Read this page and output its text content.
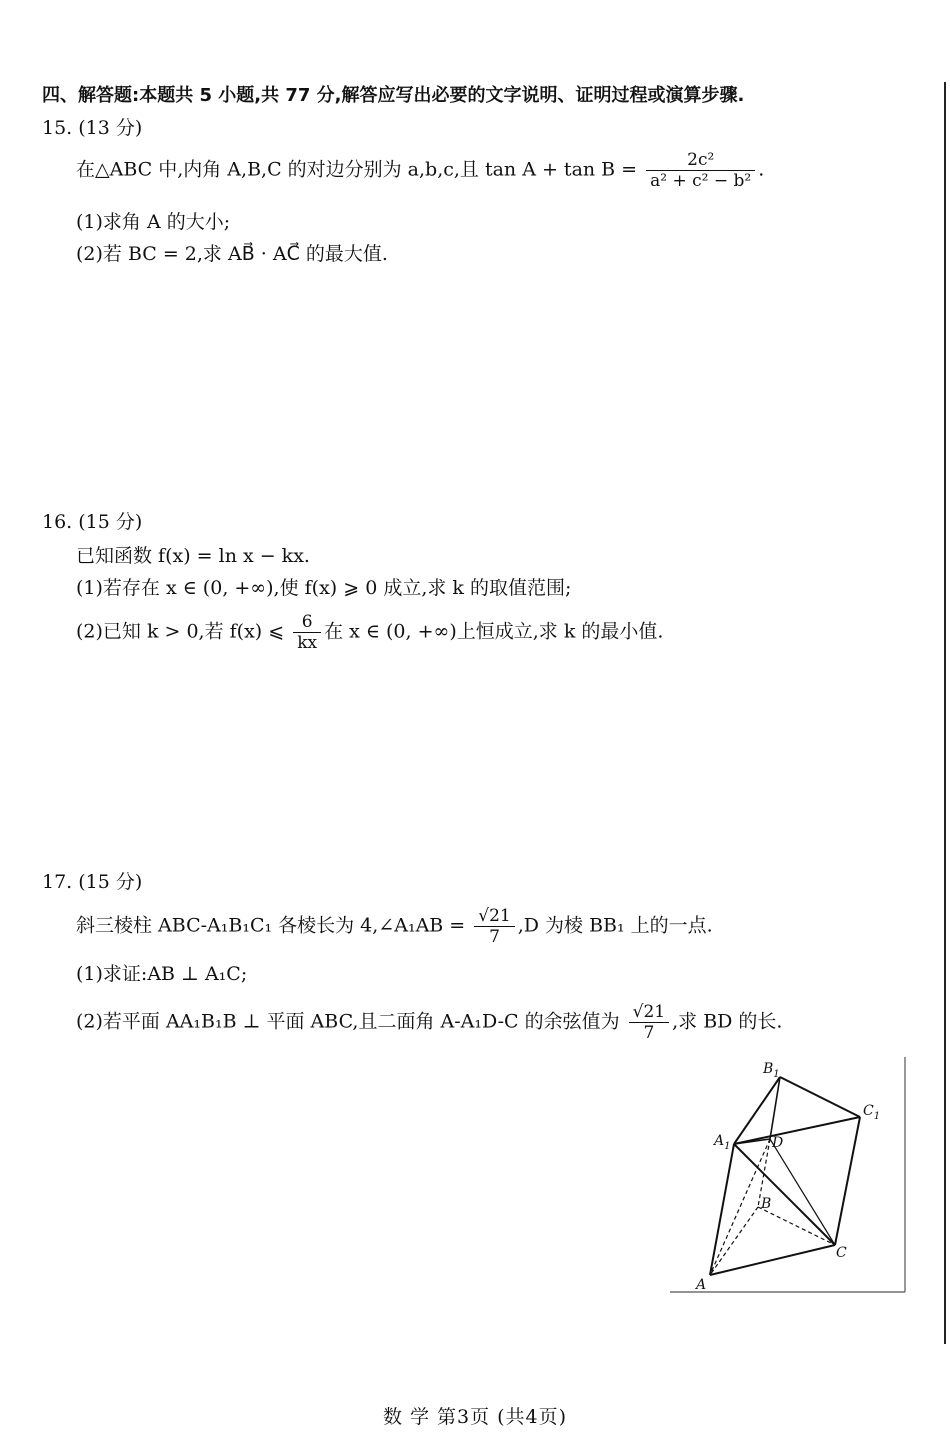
四、解答题:本题共 5 小题,共 77 分,解答应写出必要的文字说明、证明过程或演算步骤.
15. (13 分)
在△ABC 中,内角 A,B,C 的对边分别为 a,b,c,且 $\tan A + \tan B = \frac{\text{2c²}}{\text{a² + c² − b²}}$ .
(1)求角 A 的大小;
(2)若 BC = 2,求 AB⃗ · AC⃗ 的最大值.
16. (15 分)
已知函数 f(x) = ln x − kx.
(1)若存在 x ∈ (0, +∞),使 f(x) ⩾ 0 成立,求 k 的取值范围;
(2)已知 k > 0,若 f(x) ⩽ $\frac{6}{kx}$ 在 x ∈ (0, +∞)上恒成立,求 k 的最小值.
17. (15 分)
斜三棱柱 ABC-A₁B₁C₁ 各棱长为 4,∠A₁AB = $\frac{√21}{7} ,D$ 为棱 BB₁ 上的一点.
(1)求证:AB ⊥ A₁C;
(2)若平面 AA₁B₁B ⊥ 平面 ABC,且二面角 A-A₁D-C 的余弦值为 $\frac{√21}{7}$ ,求 BD 的长.
$B_1$
$C_1$
$A_1$	D
B
C
A
数 学 第3页 (共4页)
